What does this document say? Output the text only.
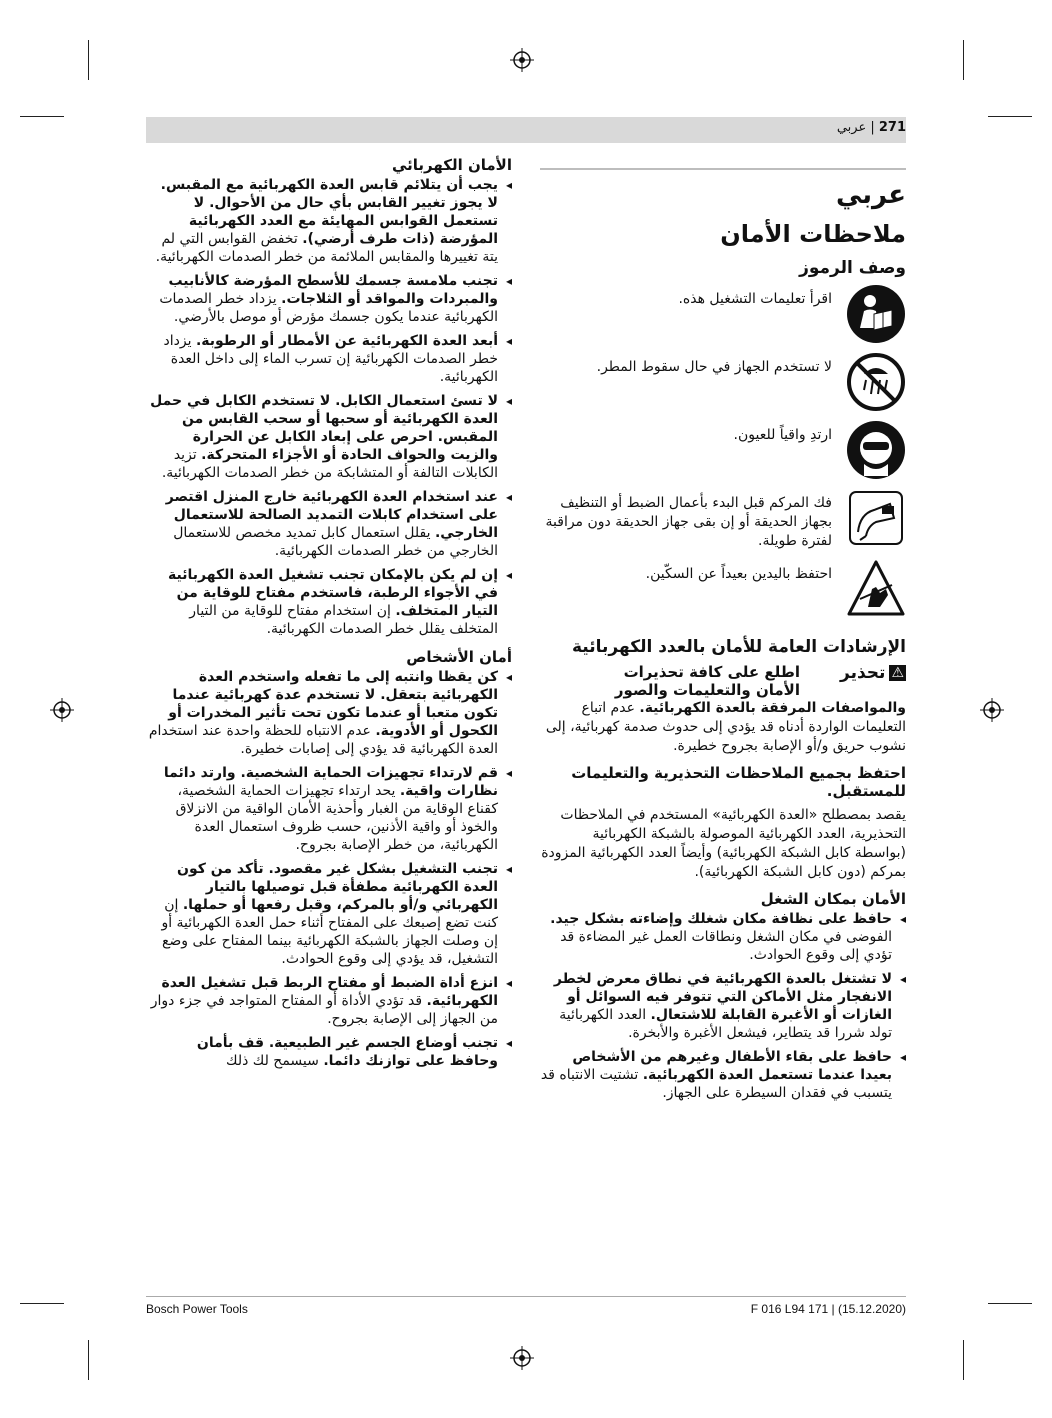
271 | عربي
عربي
ملاحظات الأمان
وصف الرموز
اقرأ تعليمات التشغيل هذه.
لا تستخدم الجهاز في حال سقوط المطر.
ارتدِ واقياً للعيون.
فك المركم قبل البدء بأعمال الضبط أو التنظيف بجهاز الحديقة أو إن بقى جهاز الحديقة دون مراقبة لفترة طويلة.
احتفظ باليدين بعيداً عن السكّين.
الإرشادات العامة للأمان بالعدد الكهربائية
⚠
تحذير
اطلع على كافة تحذيرات الأمان والتعليمات والصور

والمواصفات المرفقة بالعدة الكهربائية. عدم اتباع التعليمات الواردة أدناه قد يؤدي إلى حدوث صدمة كهربائية، إلى نشوب حريق و/أو الإصابة بجروح خطيرة.

احتفظ بجميع الملاحظات التحذيرية والتعليمات للمستقبل.

يقصد بمصطلح «العدة الكهربائية» المستخدم في الملاحظات التحذيرية، العدد الكهربائية الموصولة بالشبكة الكهربائية (بواسطة كابل الشبكة الكهربائية) وأيضاً العدد الكهربائية المزودة بمركم (دون كابل الشبكة الكهربائية).

الأمان بمكان الشغل
◂ حافظ على نظافة مكان شغلك وإضاءته بشكل جيد. الفوضى في مكان الشغل ونطاقات العمل غير المضاءة قد تؤدي إلى وقوع الحوادث.
◂ لا تشتغل بالعدة الكهربائية في نطاق معرض لخطر الانفجار مثل الأماكن التي تتوفر فيه السوائل أو الغازات أو الأغبرة القابلة للاشتعال. العدد الكهربائية تولد شررا قد يتطاير، فيشعل الأغبرة والأبخرة.
◂ حافظ على بقاء الأطفال وغيرهم من الأشخاص بعيدا عندما تستعمل العدة الكهربائية. تشتيت الانتباه قد يتسبب في فقدان السيطرة على الجهاز.
الأمان الكهربائي
◂ يجب أن يتلائم قابس العدة الكهربائية مع المقبس. لا يجوز تغيير القابس بأي حال من الأحوال. لا تستعمل القوابس المهايئة مع العدد الكهربائية المؤرضة (ذات طرف أرضي). تخفض القوابس التي لم يتة تغييرها والمقابس الملائمة من خطر الصدمات الكهربائية.
◂ تجنب ملامسة جسمك للأسطح المؤرضة كالأنابيب والمبردات والمواقد أو الثلاجات. يزداد خطر الصدمات الكهربائية عندما يكون جسمك مؤرض أو موصل بالأرضي.
◂ أبعد العدة الكهربائية عن الأمطار أو الرطوبة. يزداد خطر الصدمات الكهربائية إن تسرب الماء إلى داخل العدة الكهربائية.
◂ لا تسئ استعمال الكابل. لا تستخدم الكابل في حمل العدة الكهربائية أو سحبها أو سحب القابس من المقبس. احرص على إبعاد الكابل عن الحرارة والزيت والحواف الحادة أو الأجزاء المتحركة. تزيد الكابلات التالفة أو المتشابكة من خطر الصدمات الكهربائية.
◂ عند استخدام العدة الكهربائية خارج المنزل اقتصر على استخدام كابلات التمديد الصالحة للاستعمال الخارجي. يقلل استعمال كابل تمديد مخصص للاستعمال الخارجي من خطر الصدمات الكهربائية.
◂ إن لم يكن بالإمكان تجنب تشغيل العدة الكهربائية في الأجواء الرطبة، فاستخدم مفتاح للوقاية من التيار المتخلف. إن استخدام مفتاح للوقاية من التيار المتخلف يقلل خطر الصدمات الكهربائية.
أمان الأشخاص
◂ كن يقظا وانتبه إلى ما تفعله واستخدم العدة الكهربائية بتعقل. لا تستخدم عدة كهربائية عندما تكون متعبا أو عندما تكون تحت تأثير المخدرات أو الكحول أو الأدوية. عدم الانتباه للحظة واحدة عند استخدام العدة الكهربائية قد يؤدي إلى إصابات خطيرة.
◂ قم لارتداء تجهيزات الحماية الشخصية. وارتد دائما نظارات واقية. يحد ارتداء تجهيزات الحماية الشخصية، كقناع الوقاية من الغبار وأحذية الأمان الواقية من الانزلاق والخوذ أو واقية الأذنين، حسب ظروف استعمال العدة الكهربائية، من خطر الإصابة بجروح.
◂ تجنب التشغيل بشكل غير مقصود. تأكد من كون العدة الكهربائية مطفأة قبل توصيلها بالتيار الكهربائي و/أو بالمركم، وقبل رفعها أو حملها. إن كنت تضع إصبعك على المفتاح أثناء حمل العدة الكهربائية أو إن وصلت الجهاز بالشبكة الكهربائية بينما المفتاح على وضع التشغيل، قد يؤدي إلى وقوع الحوادث.
◂ انزع أداة الضبط أو مفتاح الربط قبل تشغيل العدة الكهربائية. قد تؤدي الأداة أو المفتاح المتواجد في جزء دوار من الجهاز إلى الإصابة بجروح.
◂ تجنب أوضاع الجسم غير الطبيعية. قف بأمان وحافظ على توازنك دائما. سيسمح لك ذلك
Bosch Power Tools	F 016 L94 171 | (15.12.2020)
